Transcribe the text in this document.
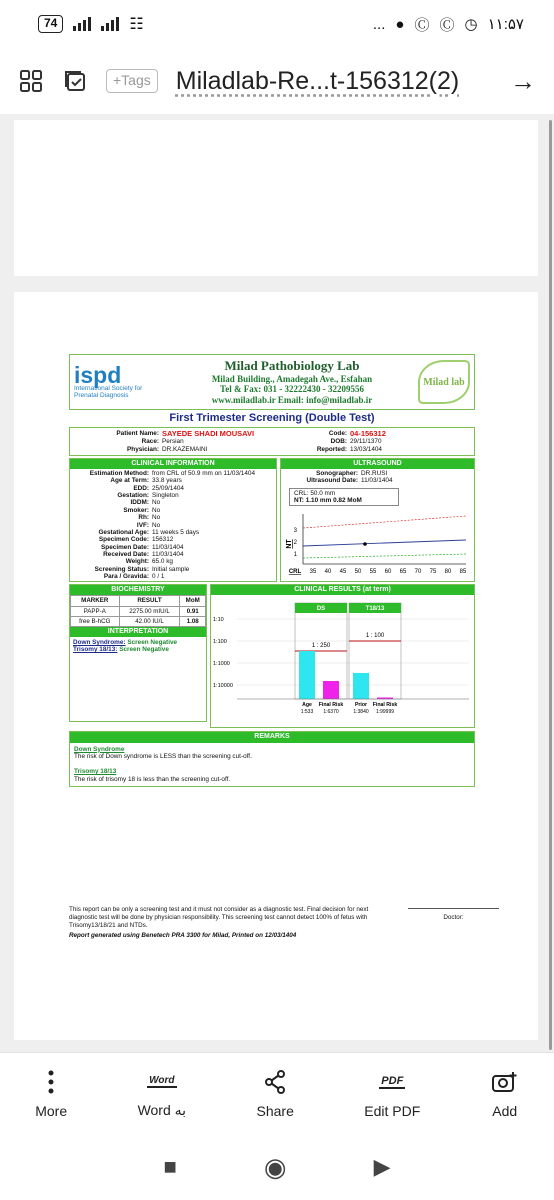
74	☷	... ● Ⓒ Ⓒ ◷ ۱۱:۵۷
+Tags Miladlab-Re...t-156312(2) →
ispd
International Society for Prenatal Diagnosis
Milad Pathobiology Lab
Milad Building., Amadegah Ave., Esfahan
Tel & Fax: 031 - 32222430 - 32209556
www.miladlab.ir Email: info@miladlab.ir
Milad lab
First Trimester Screening (Double Test)
Patient Name: SAYEDE SHADI MOUSAVI
Race: Persian
Physician: DR.KAZEMAINI
Code: 04-156312
DOB: 29/11/1370
Reported: 13/03/1404
CLINICAL INFORMATION
Estimation Method: from CRL of 50.9 mm on 11/03/1404
Age at Term: 33.8 years
EDD: 25/09/1404
Gestation: Singleton
IDDM: No
Smoker: No
Rh: No
IVF: No
Gestational Age: 11 weeks 5 days
Specimen Code: 156312
Specimen Date: 11/03/1404
Received Date: 11/03/1404
Weight: 65.0 kg
Screening Status: Initial sample
Para / Gravida: 0 / 1
ULTRASOUND
Sonographer: DR.RUSI
Ultrasound Date: 11/03/1404
CRL: 50.0 mm
NT: 1.10 mm 0.82 MoM
1
2
3
35 40 45 50 55 60 65 70 75 80 85
NT
CRL
BIOCHEMISTRY
MARKER	RESULT	MoM
PAPP-A	2275.00 mIU/L	0.91
free B-hCG	42.00 IU/L	1.08
INTERPRETATION
Down Syndrome: Screen Negative
Trisomy 18/13: Screen Negative
CLINICAL RESULTS (at term)
1:10
1:100
1:1000
1:10000
DS
1 : 250
Age
1:533
Final Risk
1:6370
T18/13
1 : 100
Prior
1:3840
Final Risk
1:99999
REMARKS
Down Syndrome
The risk of Down syndrome is LESS than the screening cut-off.
Trisomy 18/13
The risk of trisomy 18 is less than the screening cut-off.
This report can be only a screening test and it must not consider as a diagnostic test. Final decision for next diagnostic test will be done by physician responsibility. This screening test cannot detect 100% of fetus with Trisomy13/18/21 and NTDs.
Doctor:
Report generated using Benetech PRA 3300 for Milad, Printed on 12/03/1404
More
Word
Word به	Share
PDF
Edit PDF	Add
■	◉	▶
